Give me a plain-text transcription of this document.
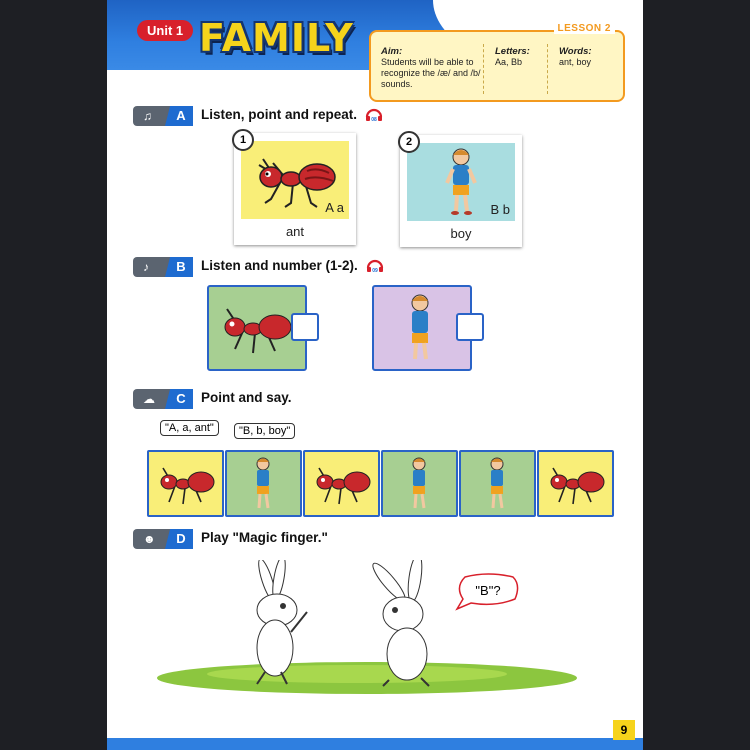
Unit 1 FAMILY	LESSON 2
Aim:
Students will be able to recognize the /æ/ and /b/ sounds.
Letters:
Aa, Bb
Words:
ant, boy
♫	A	Listen, point and repeat.	08
1
A a
ant
2
B b
boy
♪	B	Listen and number (1-2).	09
☁	C	Point and say.
"A, a, ant"	"B, b, boy"
☻	D	Play "Magic finger."
"B"?
9
